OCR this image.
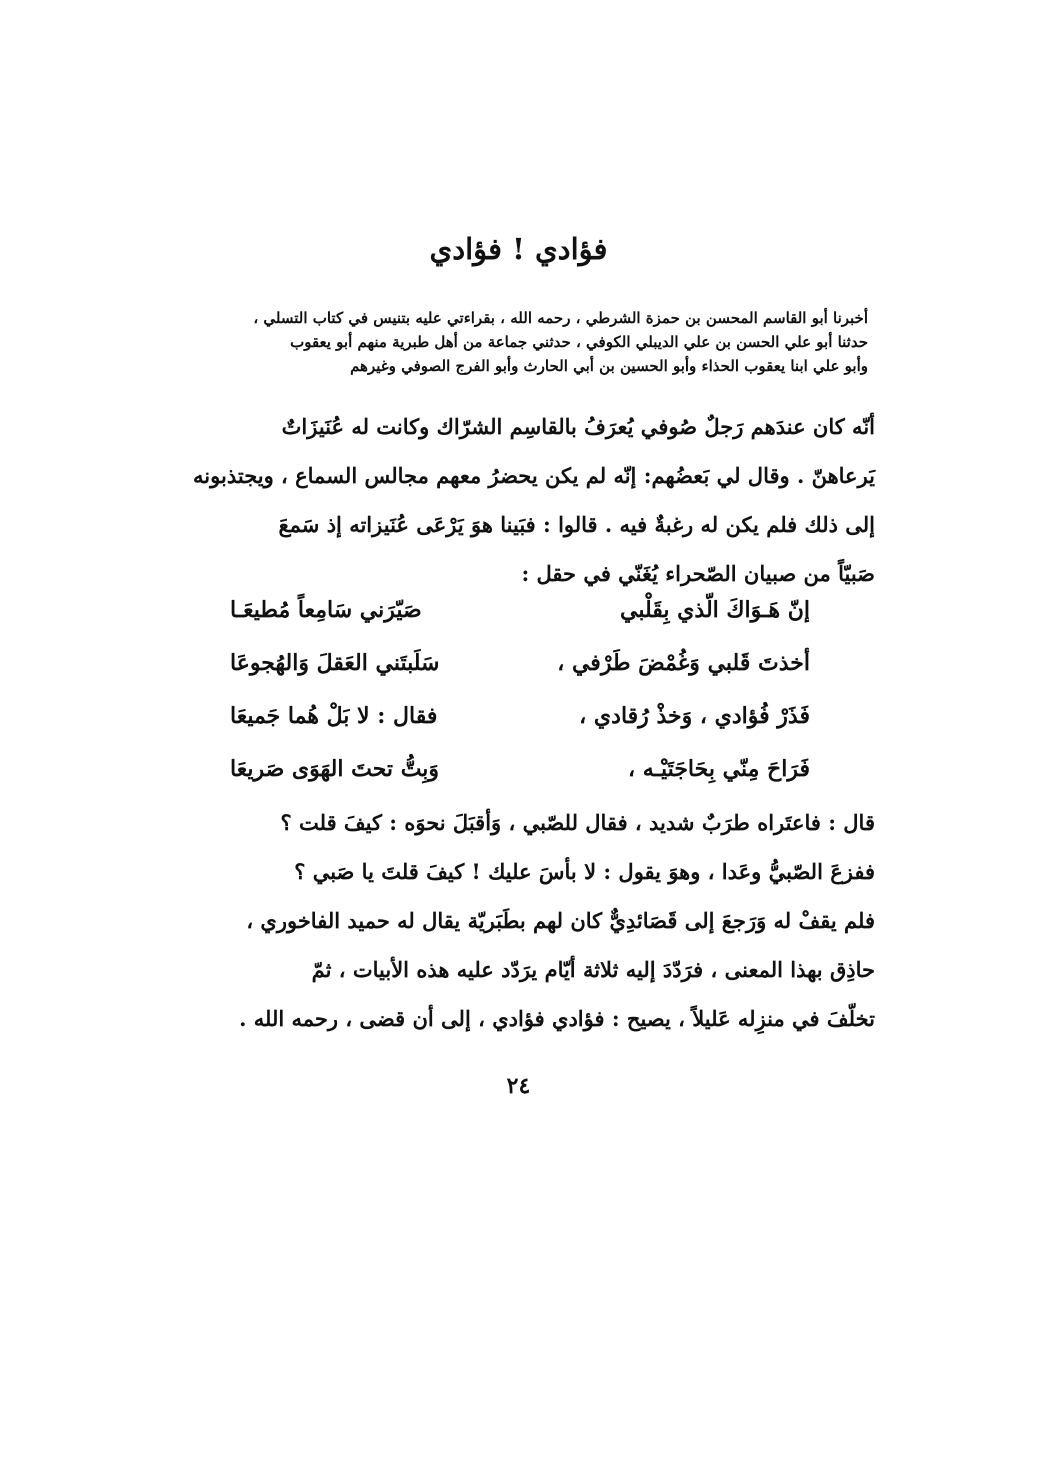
فؤادي ! فؤادي

أخبرنا أبو القاسم المحسن بن حمزة الشرطي ، رحمه الله ، بقراءتي عليه بتنيس في كتاب التسلي ،
حدثنا أبو علي الحسن بن علي الديبلي الكوفي ، حدثني جماعة من أهل طبرية منهم أبو يعقوب
وأبو علي ابنا يعقوب الحذاء وأبو الحسين بن أبي الحارث وأبو الفرج الصوفي وغيرهم

أنّه كان عندَهم رَجلٌ صُوفي يُعرَفُ بالقاسِم الشرّاك وكانت له عُنَيزَاتٌ
يَرعاهنّ . وقال لي بَعضُهم: إنّه لم يكن يحضرُ معهم مجالس السماع ، ويجتذبونه
إلى ذلك فلم يكن له رغبةٌ فيه . قالوا : فبَينا هوَ يَرْعَى عُنَيزاته إذ سَمعَ
صَبيّاً من صبيان الصّحراء يُغَنّي في حقل :

إنّ هَـوَاكَ الّذي بِقَلْبي
صَيّرَني سَامِعاً مُطيعَـا
أخذتَ قَلبي وَغُمْضَ طَرْفي ،
سَلَبتَني العَقلَ وَالهُجوعَا
فَذَرْ فُؤادي ، وَخذْ رُقادي ،
فقال : لا بَلْ هُما جَميعَا
فَرَاحَ مِنّي بِحَاجَتَيْـه ،
وَبِتُّ تحتَ الهَوَى صَريعَا

قال : فاعتَراه طرَبٌ شديد ، فقال للصّبي ، وَأقبَلَ نحوَه : كيفَ قلت ؟
ففزعَ الصّبيُّ وعَدا ، وهوَ يقول : لا بأسَ عليك ! كيفَ قلتَ يا صَبي ؟
فلم يقفْ له وَرَجعَ إلى قَصَائدِيٌّ كان لهم بطَبَريّة يقال له حميد الفاخوري ،
حاذِق بهذا المعنى ، فرَدّدَ إليه ثلاثة أيّام يرَدّد عليه هذه الأبيات ، ثمّ
تخلّفَ في منزِله عَليلاً ، يصيح : فؤادي فؤادي ، إلى أن قضى ، رحمه الله .

٢٤
